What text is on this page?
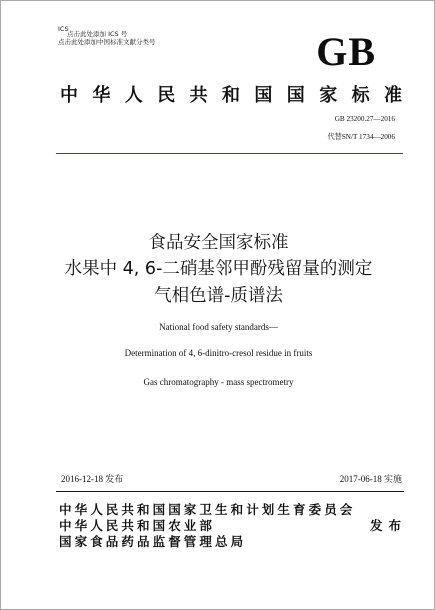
ICS
点击此处添加 ICS 号
点击此处添加中国标准文献分类号	GB
中 华 人 民 共 和 国 国 家 标 准
GB 23200.27—2016
代替SN/T 1734—2006
食品安全国家标准
水果中 4, 6-二硝基邻甲酚残留量的测定
气相色谱-质谱法
National food safety standards—
Determination of 4, 6-dinitro-cresol residue in fruits
Gas chromatography - mass spectrometry
2016-12-18 发布	2017-06-18 实施
中华人民共和国国家卫生和计划生育委员会
中华人民共和国农业部
国家食品药品监督管理总局
发布
